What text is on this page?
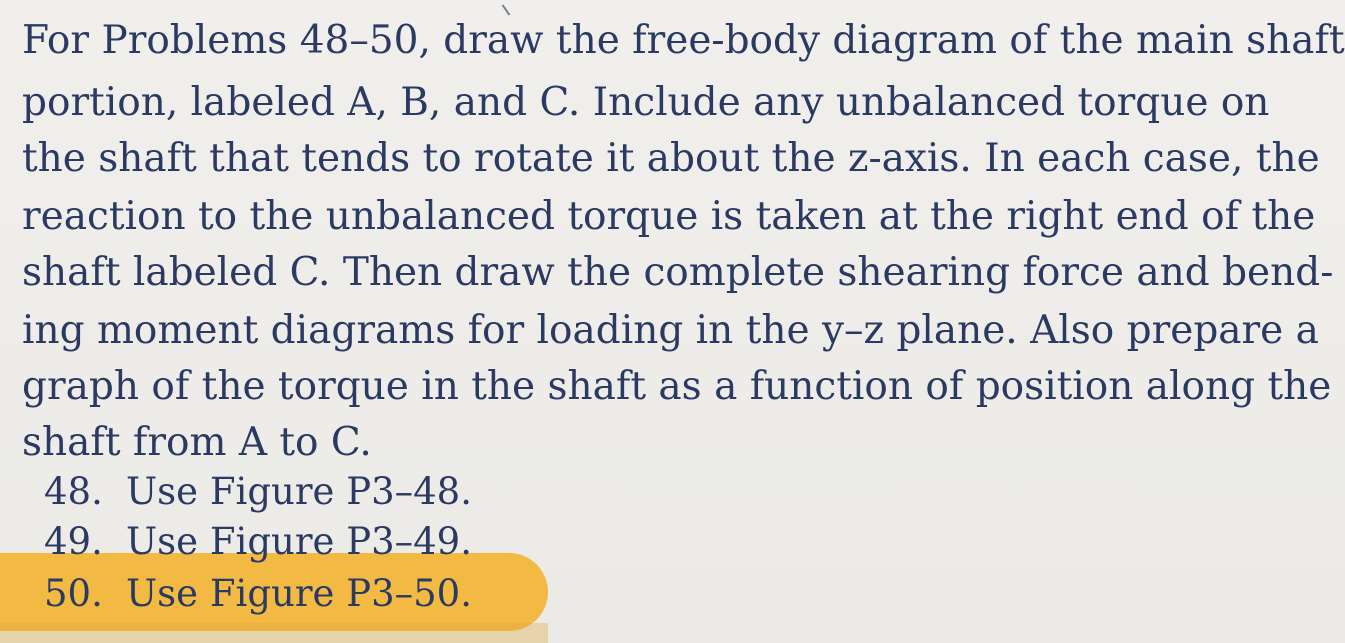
For Problems 48–50, draw the free-body diagram of the main shaft
portion, labeled A, B, and C. Include any unbalanced torque on
the shaft that tends to rotate it about the z-axis. In each case, the
reaction to the unbalanced torque is taken at the right end of the
shaft labeled C. Then draw the complete shearing force and bend-
ing moment diagrams for loading in the y–z plane. Also prepare a
graph of the torque in the shaft as a function of position along the
shaft from A to C.
48. Use Figure P3–48.
49. Use Figure P3–49.
50. Use Figure P3–50.
